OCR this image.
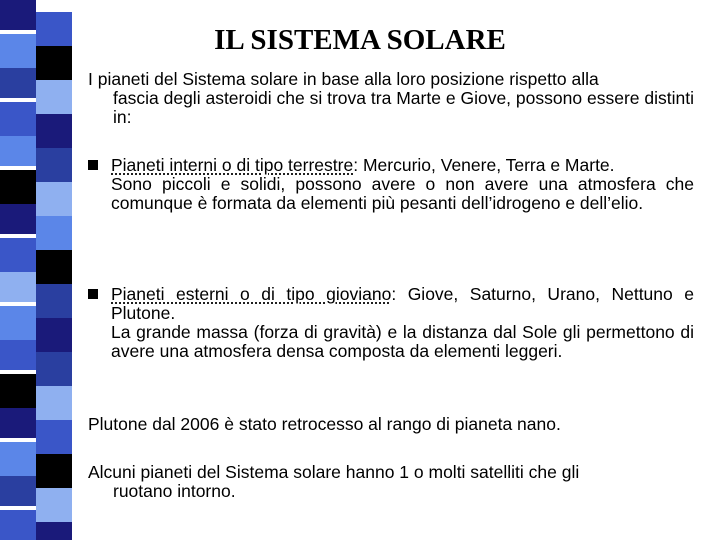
IL SISTEMA SOLARE
I pianeti del Sistema solare in base alla loro posizione rispetto alla
fascia degli asteroidi che si trova tra Marte e Giove, possono essere distinti in:

Pianeti interni o di tipo terrestre: Mercurio, Venere, Terra e Marte.

Sono piccoli e solidi, possono avere o non avere una atmosfera che comunque è formata da elementi più pesanti dell’idrogeno e dell’elio.

Pianeti esterni o di tipo gioviano: Giove, Saturno, Urano, Nettuno e Plutone.

La grande massa (forza di gravità) e la distanza dal Sole gli permettono di avere una atmosfera densa composta da elementi leggeri.

Plutone dal 2006 è stato retrocesso al rango di pianeta nano.
Alcuni pianeti del Sistema solare hanno 1 o molti satelliti che gli
ruotano intorno.
